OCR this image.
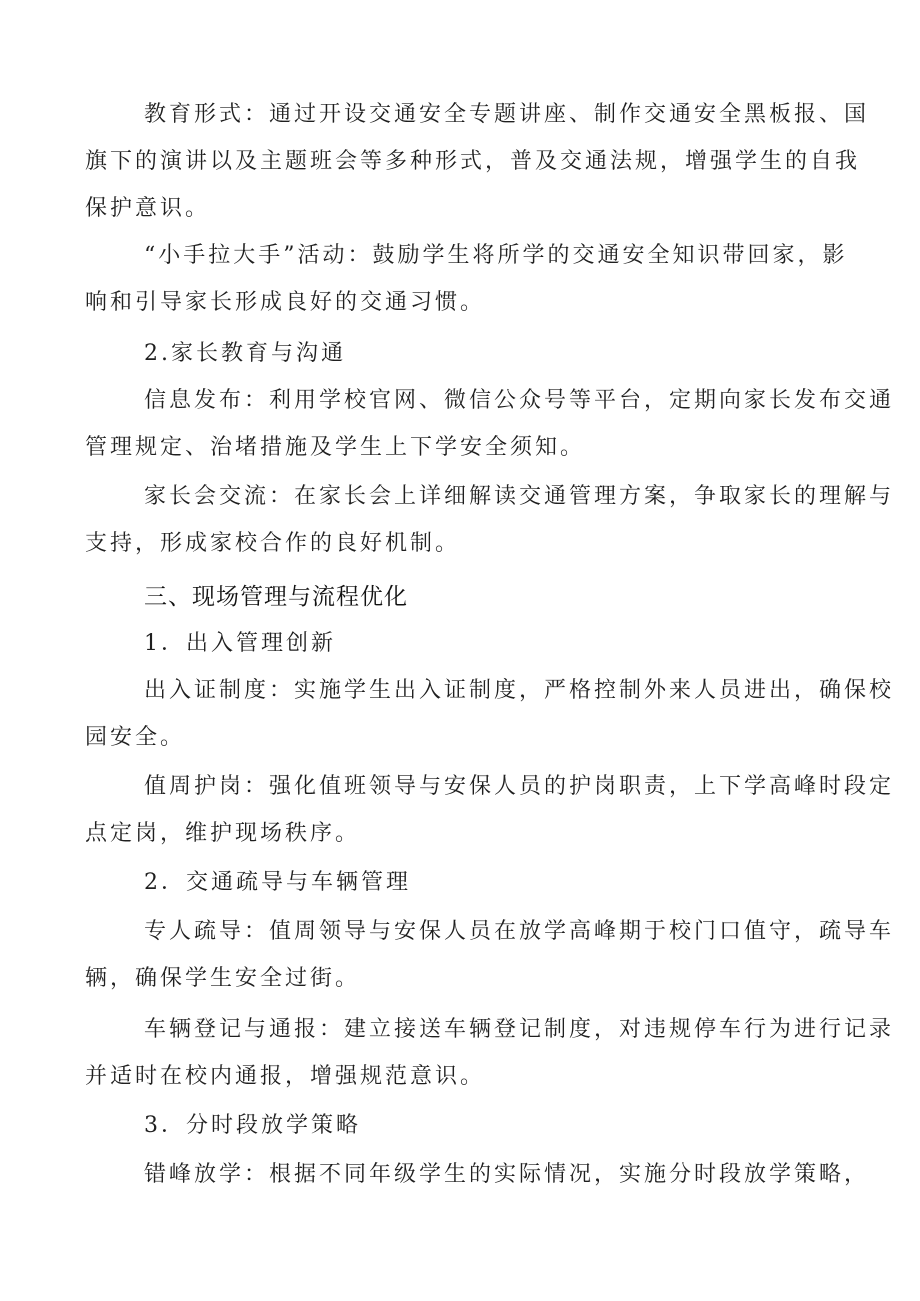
教育形式：通过开设交通安全专题讲座、制作交通安全黑板报、国
旗下的演讲以及主题班会等多种形式，普及交通法规，增强学生的自我
保护意识。
“小手拉大手”活动：鼓励学生将所学的交通安全知识带回家，影
响和引导家长形成良好的交通习惯。
2.家长教育与沟通
信息发布：利用学校官网、微信公众号等平台，定期向家长发布交通
管理规定、治堵措施及学生上下学安全须知。
家长会交流：在家长会上详细解读交通管理方案，争取家长的理解与
支持，形成家校合作的良好机制。
三、现场管理与流程优化
1．出入管理创新
出入证制度：实施学生出入证制度，严格控制外来人员进出，确保校
园安全。
值周护岗：强化值班领导与安保人员的护岗职责，上下学高峰时段定
点定岗，维护现场秩序。
2．交通疏导与车辆管理
专人疏导：值周领导与安保人员在放学高峰期于校门口值守，疏导车
辆，确保学生安全过街。
车辆登记与通报：建立接送车辆登记制度，对违规停车行为进行记录
并适时在校内通报，增强规范意识。
3．分时段放学策略
错峰放学：根据不同年级学生的实际情况，实施分时段放学策略，
